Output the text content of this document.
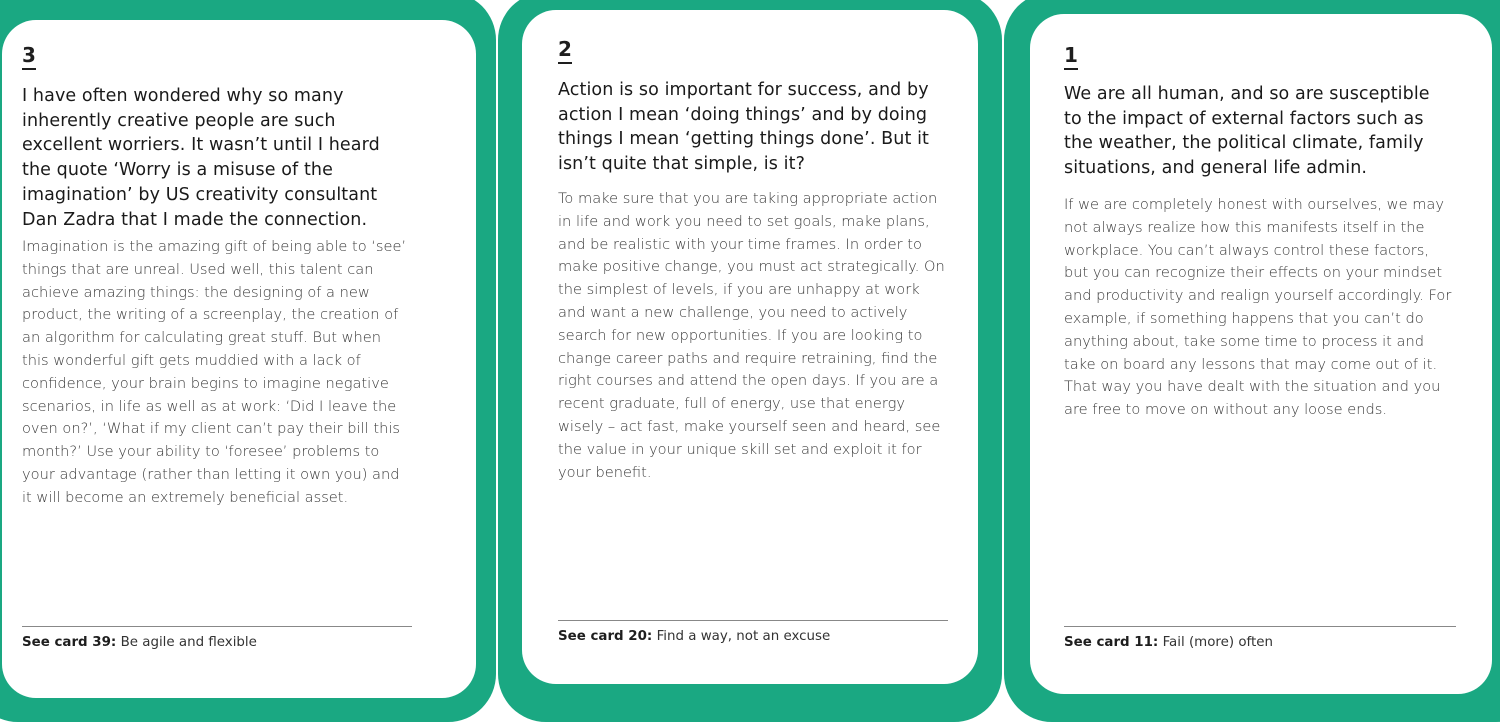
3
I have often wondered why so many inherently creative people are such excellent worriers. It wasn’t until I heard the quote ‘Worry is a misuse of the imagination’ by US creativity consultant Dan Zadra that I made the connection.
Imagination is the amazing gift of being able to ‘see’ things that are unreal. Used well, this talent can achieve amazing things: the designing of a new product, the writing of a screenplay, the creation of an algorithm for calculating great stuff. But when this wonderful gift gets muddied with a lack of confidence, your brain begins to imagine negative scenarios, in life as well as at work: ‘Did I leave the oven on?’, ‘What if my client can’t pay their bill this month?’ Use your ability to ‘foresee’ problems to your advantage (rather than letting it own you) and it will become an extremely beneficial asset.
See card 39: Be agile and flexible
2
Action is so important for success, and by action I mean ‘doing things’ and by doing things I mean ‘getting things done’. But it isn’t quite that simple, is it?
To make sure that you are taking appropriate action in life and work you need to set goals, make plans, and be realistic with your time frames. In order to make positive change, you must act strategically. On the simplest of levels, if you are unhappy at work and want a new challenge, you need to actively search for new opportunities. If you are looking to change career paths and require retraining, find the right courses and attend the open days. If you are a recent graduate, full of energy, use that energy wisely – act fast, make yourself seen and heard, see the value in your unique skill set and exploit it for your benefit.
See card 20: Find a way, not an excuse
1
We are all human, and so are susceptible to the impact of external factors such as the weather, the political climate, family situations, and general life admin.
If we are completely honest with ourselves, we may not always realize how this manifests itself in the workplace. You can’t always control these factors, but you can recognize their effects on your mindset and productivity and realign yourself accordingly. For example, if something happens that you can’t do anything about, take some time to process it and take on board any lessons that may come out of it. That way you have dealt with the situation and you are free to move on without any loose ends.
See card 11: Fail (more) often
